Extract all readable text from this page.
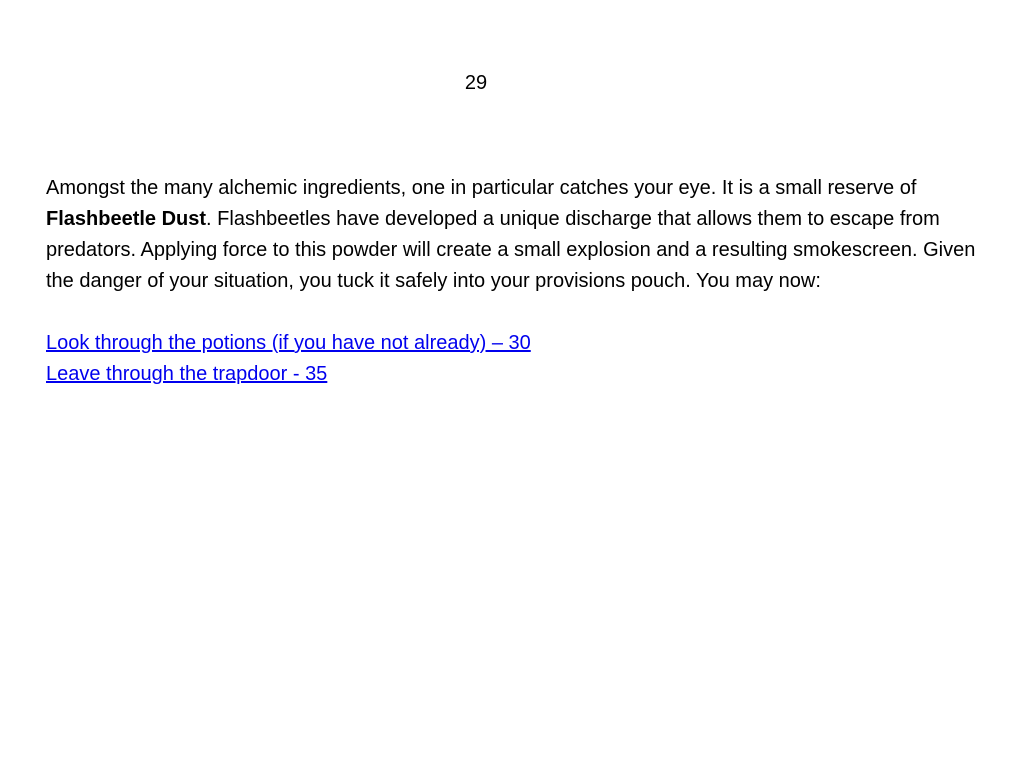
29

Amongst the many alchemic ingredients, one in particular catches your eye. It is a small reserve of Flashbeetle Dust. Flashbeetles have developed a unique discharge that allows them to escape from predators. Applying force to this powder will create a small explosion and a resulting smokescreen. Given the danger of your situation, you tuck it safely into your provisions pouch. You may now:

Look through the potions (if you have not already) – 30
Leave through the trapdoor - 35
